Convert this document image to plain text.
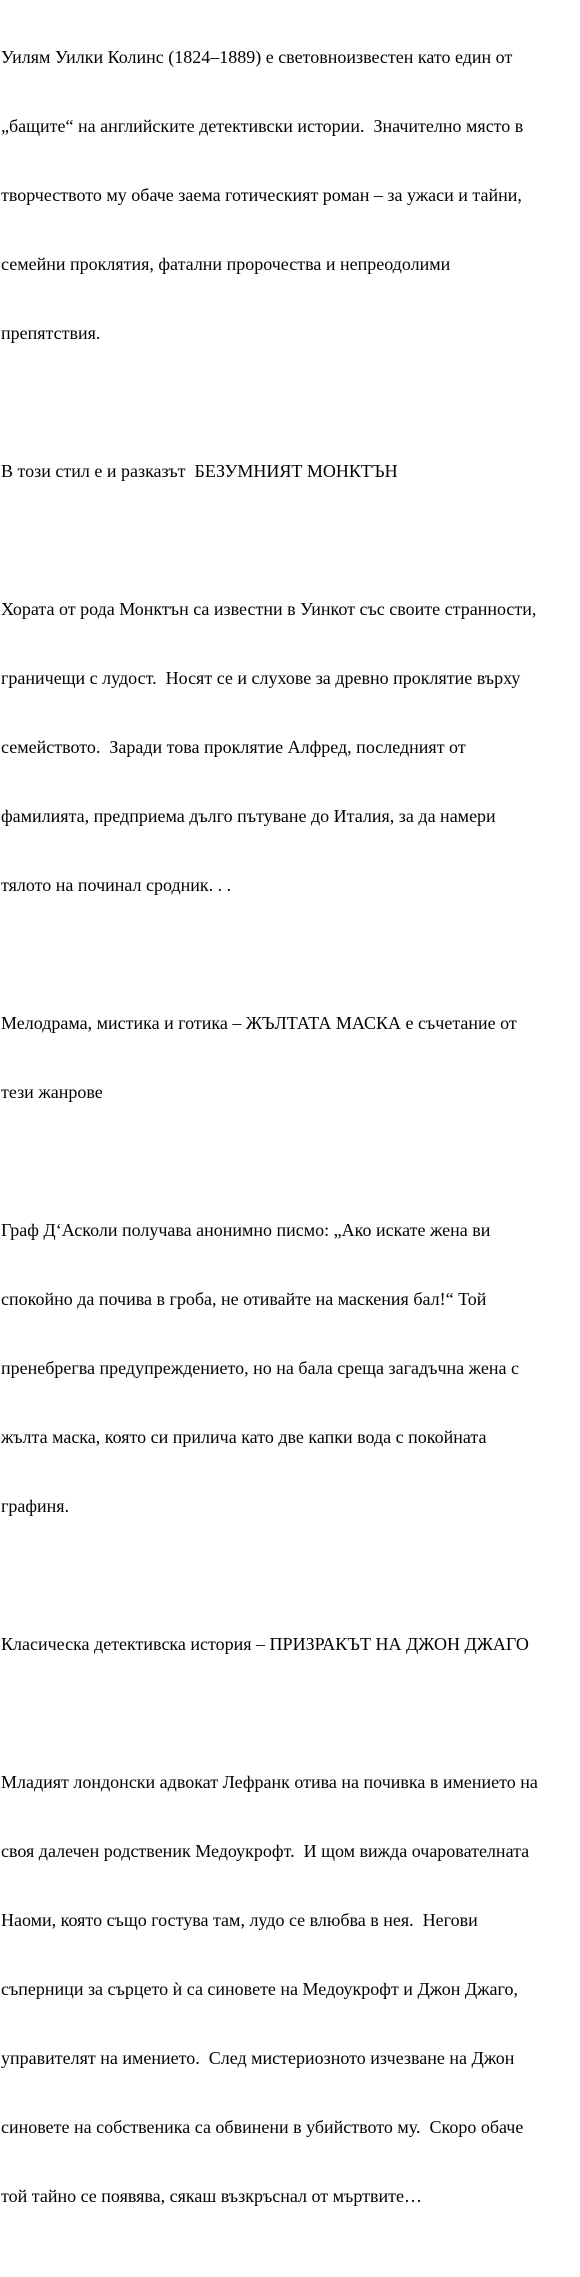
Уилям Уилки Колинс (1824–1889) е световноизвестен като един от

„бащите“ на английските детективски истории.  Значително място в

творчеството му обаче заема готическият роман – за ужаси и тайни,

семейни проклятия, фатални пророчества и непреодолими

препятствия.

В този стил е и разказът  БЕЗУМНИЯТ МОНКТЪН

Хората от рода Монктън са известни в Уинкот със своите странности,

граничещи с лудост.  Носят се и слухове за древно проклятие върху

семейството.  Заради това проклятие Алфред, последният от

фамилията, предприема дълго пътуване до Италия, за да намери

тялото на починал сродник. . .

Мелодрама, мистика и готика – ЖЪЛТАТА МАСКА е съчетание от

тези жанрове

Граф Д‘Асколи получава анонимно писмо: „Ако искате жена ви

спокойно да почива в гроба, не отивайте на маскения бал!“ Той

пренебрегва предупреждението, но на бала среща загадъчна жена с

жълта маска, която си прилича като две капки вода с покойната

графиня.

Класическа детективска история – ПРИЗРАКЪТ НА ДЖОН ДЖАГО

Младият лондонски адвокат Лефранк отива на почивка в имението на

своя далечен родственик Медоукрофт.  И щом вижда очарователната

Наоми, която също гостува там, лудо се влюбва в нея.  Негови

съперници за сърцето ѝ са синовете на Медоукрофт и Джон Джаго,

управителят на имението.  След мистериозното изчезване на Джон

синовете на собственика са обвинени в убийството му.  Скоро обаче

той тайно се появява, сякаш възкръснал от мъртвите…
